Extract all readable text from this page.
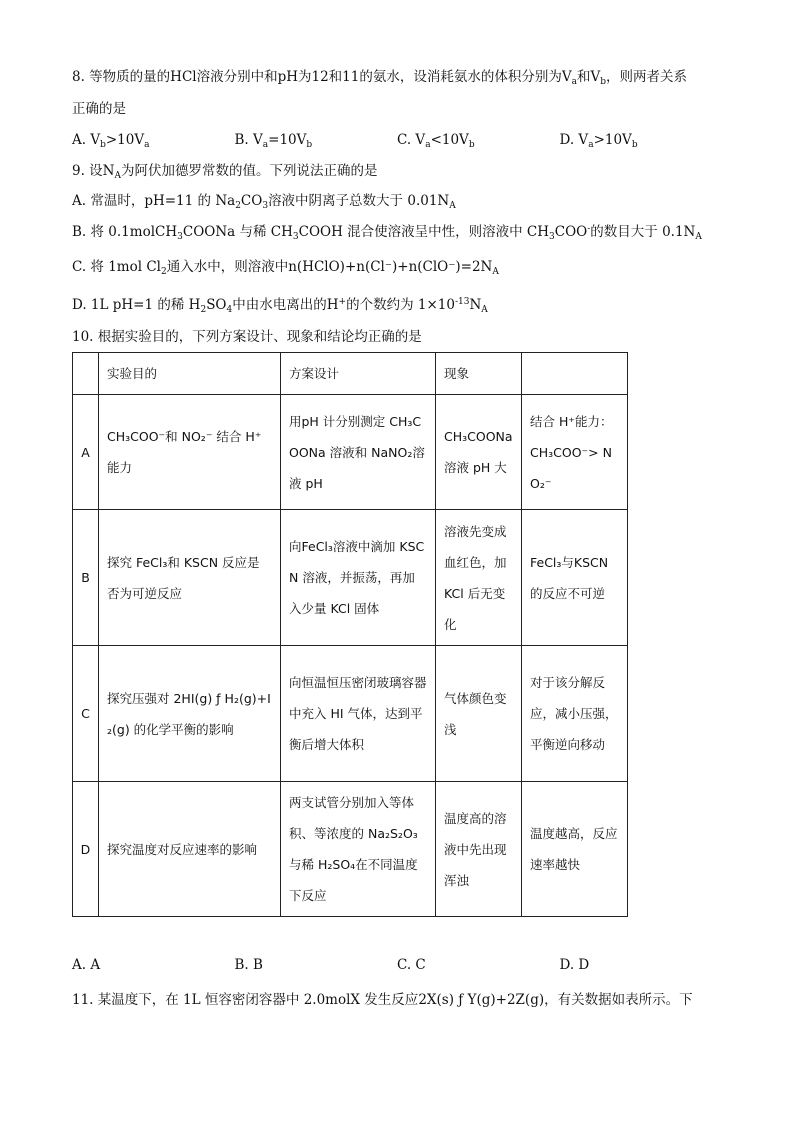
8. 等物质的量的HCl溶液分别中和pH为12和11的氨水，设消耗氨水的体积分别为$V_a$和$V_b$，则两者关系
正确的是
A. $V_b>10V_a$	B. $V_a=10V_b$	C. $V_a<10V_b$	D. $V_a>10V_b$
9. 设$N_A$为阿伏加德罗常数的值。下列说法正确的是
A. 常温时，pH=11 的 $Na_2CO_3$溶液中阴离子总数大于 $0.01N_A$
B. 将 0.1molCH$_3$COONa 与稀 $CH_3COOH$ 混合使溶液呈中性，则溶液中 $CH_3COO^-$的数目大于 $0.1N_A$
C. 将 1mol $Cl_2$通入水中，则溶液中$n(HClO)+n(Cl^-)+n(ClO^-)=2N_A$
D. 1L pH=1 的稀 $H_2SO_4$中由水电离出的H+的个数约为 $1\times 10^{-13}N_A$
10. 根据实验目的，下列方案设计、现象和结论均正确的是
	实验目的	方案设计	现象	
A	CH₃COO⁻和 NO₂⁻ 结合 H⁺ 能力	用pH 计分别测定 CH₃COONa 溶液和 NaNO₂溶液 pH	CH₃COONa 溶液 pH 大	结合 H⁺能力：CH₃COO⁻> NO₂⁻
B	探究 FeCl₃和 KSCN 反应是否为可逆反应	向FeCl₃溶液中滴加 KSCN 溶液，并振荡，再加入少量 KCl 固体	溶液先变成血红色，加 KCl 后无变化	FeCl₃与KSCN 的反应不可逆
C	探究压强对 2HI(g) ƒ H₂(g)+I₂(g) 的化学平衡的影响	向恒温恒压密闭玻璃容器中充入 HI 气体，达到平衡后增大体积	气体颜色变浅	对于该分解反应，减小压强，平衡逆向移动
D	探究温度对反应速率的影响	两支试管分别加入等体积、等浓度的 Na₂S₂O₃与稀 H₂SO₄在不同温度下反应	温度高的溶液中先出现浑浊	温度越高，反应速率越快
A. A	B. B	C. C	D. D
11. 某温度下，在 1L 恒容密闭容器中 2.0molX 发生反应2X(s) ƒ Y(g)+2Z(g)，有关数据如表所示。下
